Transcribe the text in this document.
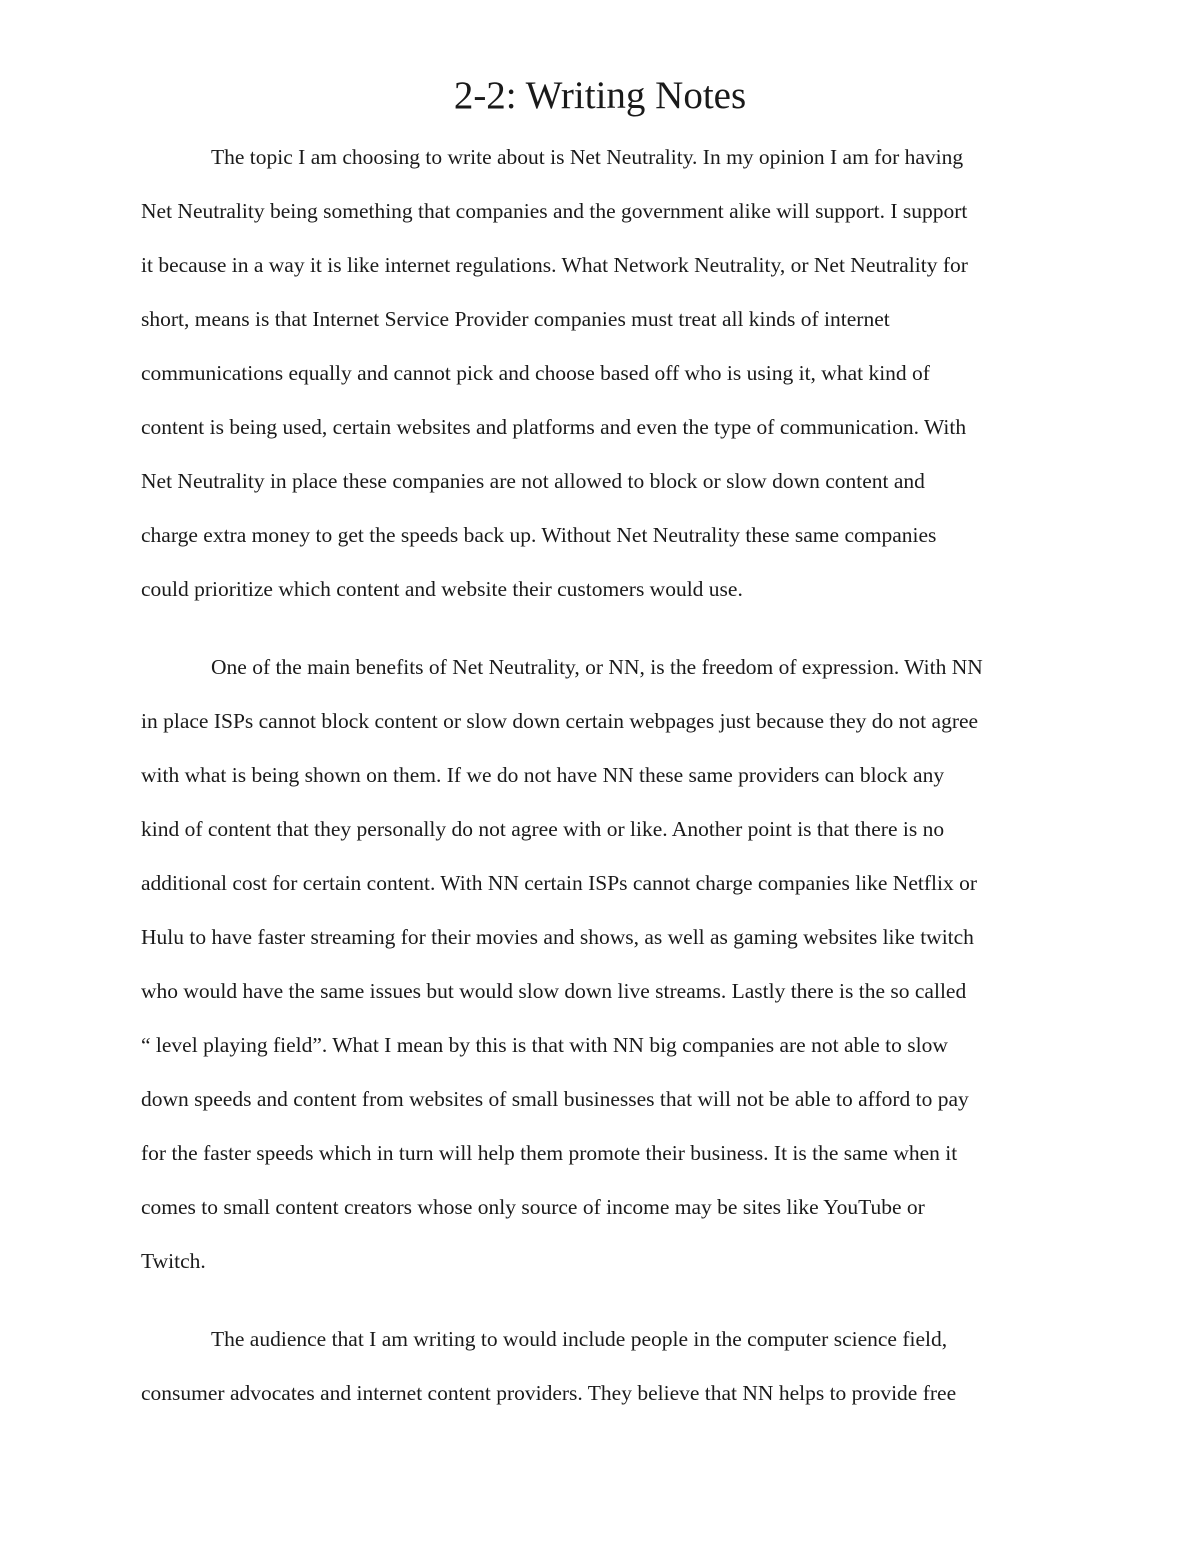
2-2: Writing Notes

The topic I am choosing to write about is Net Neutrality. In my opinion I am for having
Net Neutrality being something that companies and the government alike will support. I support
it because in a way it is like internet regulations. What Network Neutrality, or Net Neutrality for
short, means is that Internet Service Provider companies must treat all kinds of internet
communications equally and cannot pick and choose based off who is using it, what kind of
content is being used, certain websites and platforms and even the type of communication. With
Net Neutrality in place these companies are not allowed to block or slow down content and
charge extra money to get the speeds back up. Without Net Neutrality these same companies
could prioritize which content and website their customers would use.

One of the main benefits of Net Neutrality, or NN, is the freedom of expression. With NN
in place ISPs cannot block content or slow down certain webpages just because they do not agree
with what is being shown on them. If we do not have NN these same providers can block any
kind of content that they personally do not agree with or like. Another point is that there is no
additional cost for certain content. With NN certain ISPs cannot charge companies like Netflix or
Hulu to have faster streaming for their movies and shows, as well as gaming websites like twitch
who would have the same issues but would slow down live streams. Lastly there is the so called
“ level playing field”. What I mean by this is that with NN big companies are not able to slow
down speeds and content from websites of small businesses that will not be able to afford to pay
for the faster speeds which in turn will help them promote their business. It is the same when it
comes to small content creators whose only source of income may be sites like YouTube or
Twitch.

The audience that I am writing to would include people in the computer science field,
consumer advocates and internet content providers. They believe that NN helps to provide free
